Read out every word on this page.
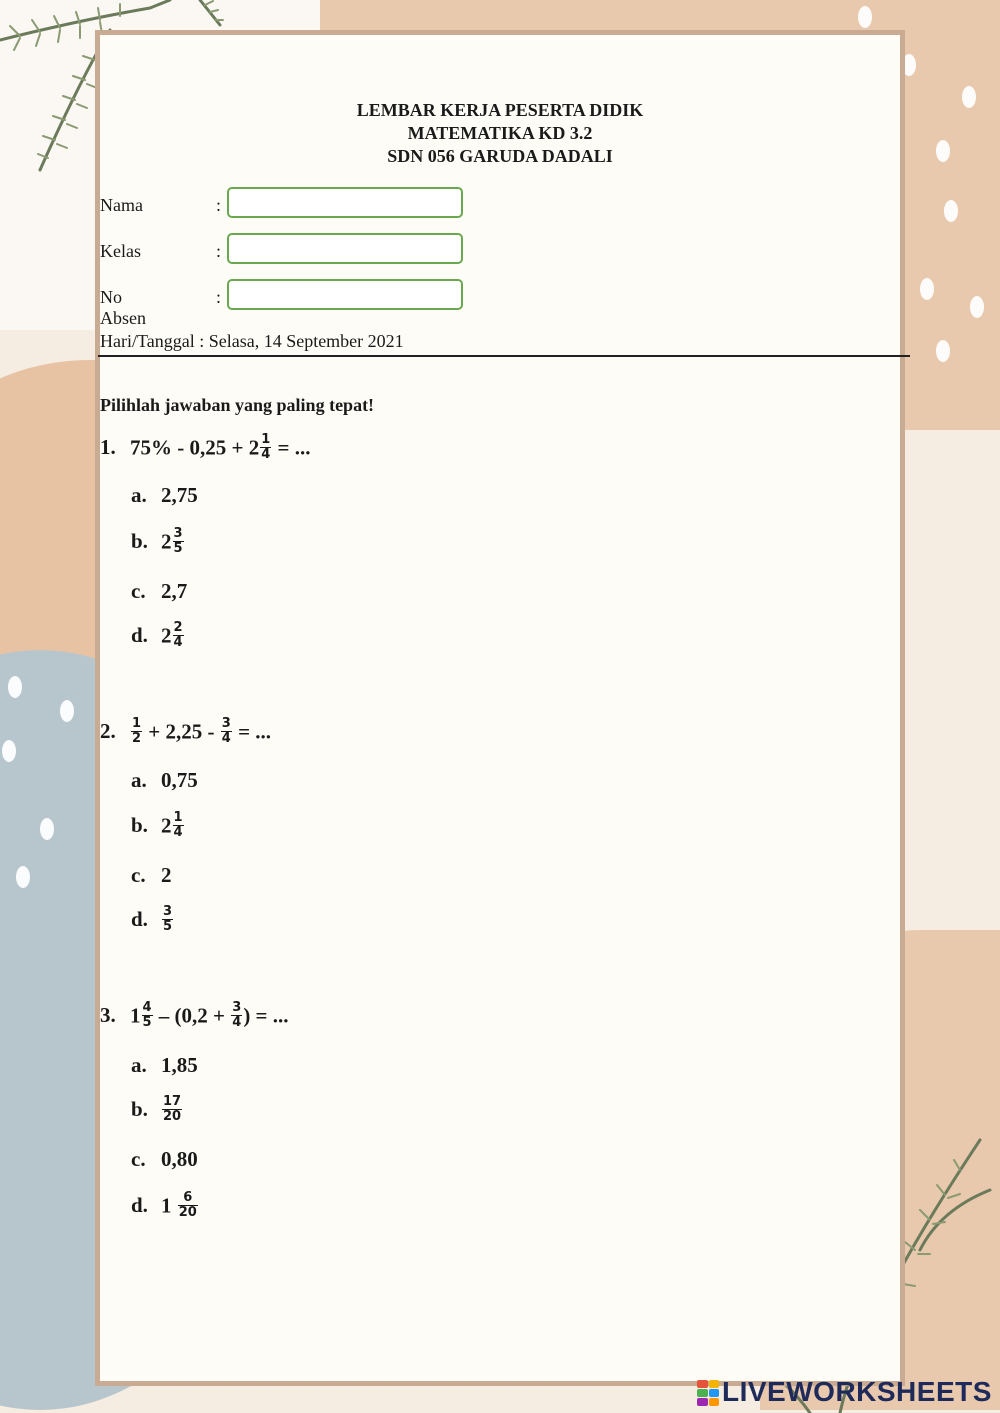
LEMBAR KERJA PESERTA DIDIK
MATEMATIKA KD 3.2
SDN 056 GARUDA DADALI
Nama	:
Kelas	:
No Absen
:
Hari/Tanggal : Selasa, 14 September 2021
Pilihlah jawaban yang paling tepat!
1. $75\% - 0,25 + 2 \frac{1}{4}$ = ...
a. 2,75
b. $2 \frac{3}{5}$
c. 2,7
d. $2 \frac{2}{4}$
2. $\frac{1}{2} + 2,25 - \frac{3}{4}$ = ...
a. 0,75
b. $2 \frac{1}{4}$
c. 2
d. $\frac{3}{5}$
3. $1 \frac{4}{5} - (0,2 + \frac{3}{4}$ ) = ...
a. 1,85
b. $\frac{17}{20}$
c. 0,80
d. $1 \frac{6}{20}$
LIVEWORKSHEETS
